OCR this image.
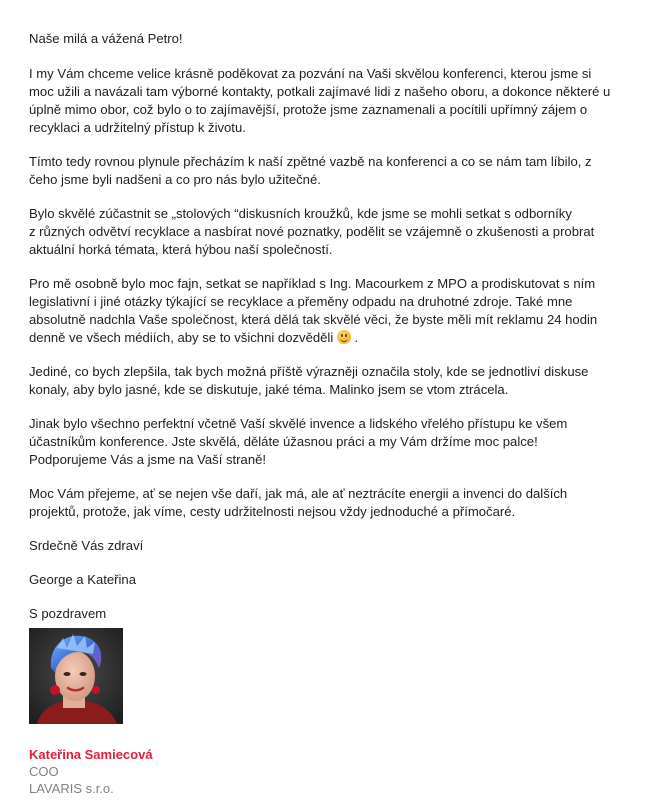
Naše milá a vážená Petro!

I my Vám chceme velice krásně poděkovat za pozvání na Vaši skvělou konferenci, kterou jsme si moc užili a navázali tam výborné kontakty, potkali zajímavé lidi z našeho oboru, a dokonce některé u úplně mimo obor, což bylo o to zajímavější, protože jsme zaznamenali a pocítili upřímný zájem o recyklaci a udržitelný přístup k životu.

Tímto tedy rovnou plynule přecházím k naší zpětné vazbě na konferenci a co se nám tam líbilo, z čeho jsme byli nadšeni a co pro nás bylo užitečné.

Bylo skvělé zúčastnit se „stolových “diskusních kroužků, kde jsme se mohli setkat s odborníky
z různých odvětví recyklace a nasbírat nové poznatky, podělit se vzájemně o zkušenosti a probrat aktuální horká témata, která hýbou naší společností.

Pro mě osobně bylo moc fajn, setkat se například s Ing. Macourkem z MPO a prodiskutovat s ním legislativní i jiné otázky týkající se recyklace a přeměny odpadu na druhotné zdroje. Také mne absolutně nadchla Vaše společnost, která dělá tak skvělé věci, že byste měli mít reklamu 24 hodin denně ve všech médiích, aby se to všichni dozvěděli
.

Jediné, co bych zlepšila, tak bych možná příště výrazněji označila stoly, kde se jednotliví diskuse konaly, aby bylo jasné, kde se diskutuje, jaké téma. Malinko jsem se vtom ztrácela.

Jinak bylo všechno perfektní včetně Vaší skvělé invence a lidského vřelého přístupu ke všem účastníkům konference. Jste skvělá, děláte úžasnou práci a my Vám držíme moc palce! Podporujeme Vás a jsme na Vaší straně!

Moc Vám přejeme, ať se nejen vše daří, jak má, ale ať neztrácíte energii a invenci do dalších projektů, protože, jak víme, cesty udržitelnosti nejsou vždy jednoduché a přímočaré.

Srdečně Vás zdraví

George a Kateřina

S pozdravem

Kateřina Samiecová
COO
LAVARIS s.r.o.
